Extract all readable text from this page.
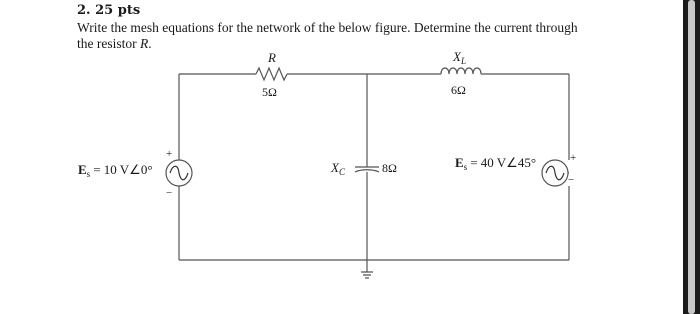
2. 25 pts
Write the mesh equations for the network of the below figure. Determine the current through
the resistor R.
+
−
$E_s = 10$ V∠0°
+
−
$E_s = 40$ V∠45°
R
5Ω
$X_L$
6Ω
$X_C$	8Ω
